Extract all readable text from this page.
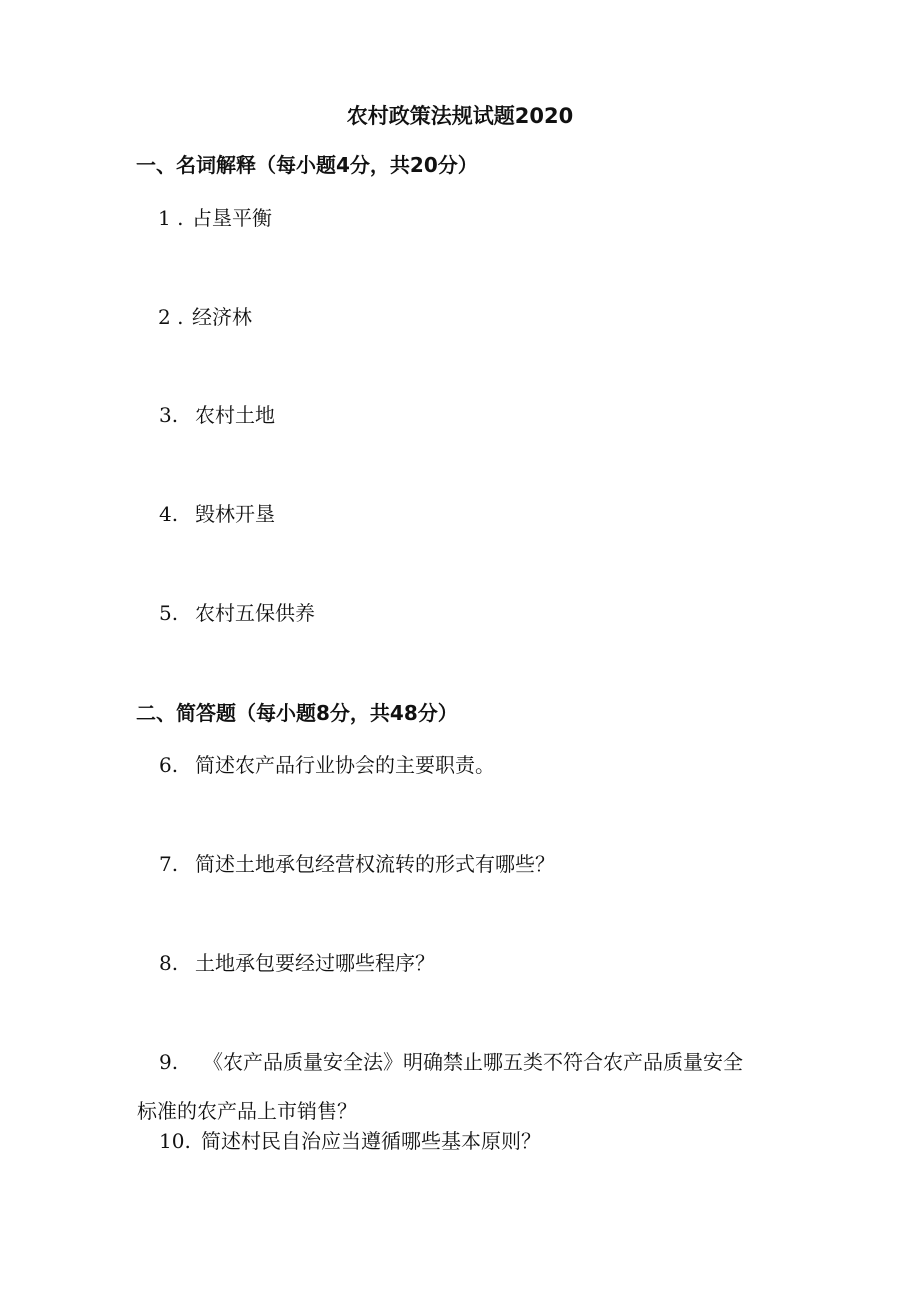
农村政策法规试题2020
一、名词解释（每小题4分，共20分）
1 . 占垦平衡
2 . 经济林
3. 农村土地
4. 毁林开垦
5. 农村五保供养
二、简答题（每小题8分，共48分）
6. 简述农产品行业协会的主要职责。
7. 简述土地承包经营权流转的形式有哪些？
8. 土地承包要经过哪些程序？
9. 《农产品质量安全法》明确禁止哪五类不符合农产品质量安全
标准的农产品上市销售？
10. 简述村民自治应当遵循哪些基本原则？
